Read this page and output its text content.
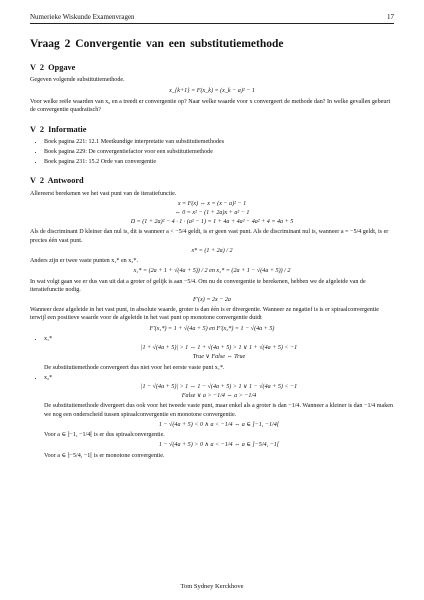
Numerieke Wiskunde Examenvragen	17
Vraag 2 Convergentie van een substitutiemethode
V 2 Opgave

Gegeven volgende substitutiemethode.

x_{k+1} = F(x_k) = (x_k − a)² − 1

Voor welke reële waarden van x₀ en a treedt er convergentie op? Naar welke waarde voor x convergeert de methode dan? In welke gevallen gebeurt de convergentie quadratisch?

V 2 Informatie
• Boek pagina 221: 12.1 Meetkundige interpretatie van substitutiemethodes
• Boek pagina 229: De convergentiefactor voor een substitutiemethode
• Boek pagina 231: 15.2 Orde van convergentie
V 2 Antwoord

Allereerst berekenen we het vast punt van de iteratiefunctie.

x = F(x) ⇔ x = (x − a)² − 1
⇔ 0 = x² − (1 + 2a)x + a² − 1
D = (1 + 2a)² − 4 · 1 · (a² − 1) = 1 + 4a + 4a² − 4a² + 4 = 4a + 5

Als de discriminant D kleiner dan nul is, dit is wanneer a < −5/4 geldt, is er geen vast punt. Als de discriminant nul is, wanneer a = −5/4 geldt, is er precies één vast punt.

x* = (1 + 2a) / 2

Anders zijn er twee vaste punten x₁* en x₂*.

x₁* = (2a + 1 + √(4a + 5)) / 2 en x₂* = (2a + 1 − √(4a + 5)) / 2

In wat volgt gaan we er dus van uit dat a groter of gelijk is aan −5/4. Om nu de convergentie te berekenen, hebben we de afgeleide van de iteratiefunctie nodig.

F′(x) = 2x − 2a

Wanneer deze afgeleide in het vast punt, in absolute waarde, groter is dan één is er divergentie. Wanneer ze negatief is is er spiraalconvergentie terwijl een positieve waarde voor de afgeleide in het vast punt op monotone convergentie duidt

F′(x₁*) = 1 + √(4a + 5) en F′(x₂*) = 1 − √(4a + 5)
• x₁*
|1 + √(4a + 5)| > 1 ⇔ 1 + √(4a + 5) > 1 ∨ 1 + √(4a + 5) < −1
True ∨ False ⇔ True

De substitutiemethode convergeert dus niet voor het eerste vaste punt x₁*.

• x₂*
|1 − √(4a + 5)| > 1 ⇔ 1 − √(4a + 5) > 1 ∨ 1 − √(4a + 5) < −1
False ∨ a > −1/4 ⇔ a > −1/4

De substitutiemethode divergeert dus ook voor het tweede vaste punt, maar enkel als a groter is dan −1/4. Wanneer a kleiner is dan −1/4 maken we nog een onderscheid tussen spiraalconvergentie en monotone convergentie.

1 − √(4a + 5) < 0 ∧ a < −1/4 ⇔ a ∈ ]−1, −1/4[

Voor a ∈ ]−1, −1/4[ is er dus spiraalconvergentie.

1 − √(4a + 5) > 0 ∧ a < −1/4 ⇔ a ∈ ]−5/4, −1[

Voor a ∈ ]−5/4, −1[ is er monotone convergentie.

Tom Sydney Kerckhove
